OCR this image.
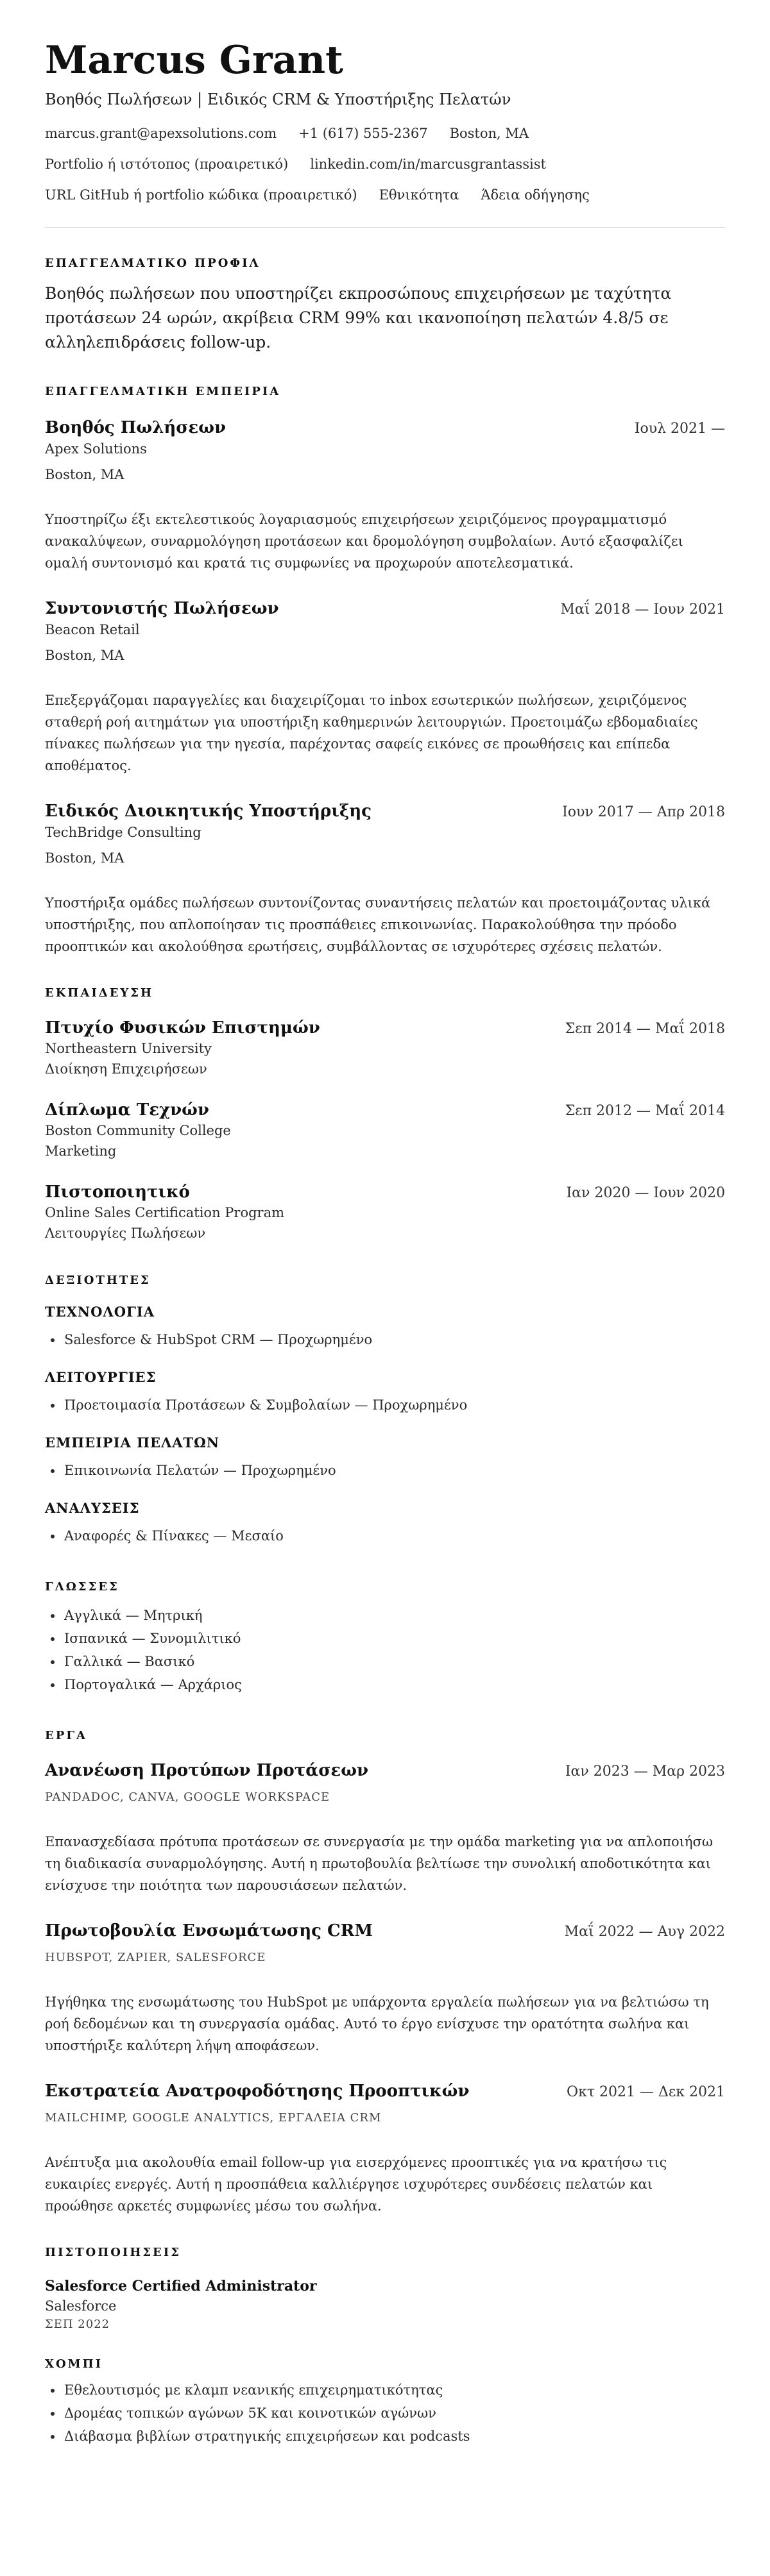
Marcus Grant
Βοηθός Πωλήσεων | Ειδικός CRM & Υποστήριξης Πελατών
marcus.grant@apexsolutions.com +1 (617) 555-2367 Boston, MA
Portfolio ή ιστότοπος (προαιρετικό) linkedin.com/in/marcusgrantassist
URL GitHub ή portfolio κώδικα (προαιρετικό) Εθνικότητα Άδεια οδήγησης
ΕΠΑΓΓΕΛΜΑΤΙΚΟ ΠΡΟΦΙΛ
Βοηθός πωλήσεων που υποστηρίζει εκπροσώπους επιχειρήσεων με ταχύτητα προτάσεων 24 ωρών, ακρίβεια CRM 99% και ικανοποίηση πελατών 4.8/5 σε αλληλεπιδράσεις follow-up.
ΕΠΑΓΓΕΛΜΑΤΙΚΗ ΕΜΠΕΙΡΙΑ
Βοηθός Πωλήσεων	Ιουλ 2021 —
Apex Solutions
Boston, MA
Υποστηρίζω έξι εκτελεστικούς λογαριασμούς επιχειρήσεων χειριζόμενος προγραμματισμό ανακαλύψεων, συναρμολόγηση προτάσεων και δρομολόγηση συμβολαίων. Αυτό εξασφαλίζει ομαλή συντονισμό και κρατά τις συμφωνίες να προχωρούν αποτελεσματικά.
Συντονιστής Πωλήσεων	Μαΐ 2018 — Ιουν 2021
Beacon Retail
Boston, MA
Επεξεργάζομαι παραγγελίες και διαχειρίζομαι το inbox εσωτερικών πωλήσεων, χειριζόμενος σταθερή ροή αιτημάτων για υποστήριξη καθημερινών λειτουργιών. Προετοιμάζω εβδομαδιαίες πίνακες πωλήσεων για την ηγεσία, παρέχοντας σαφείς εικόνες σε προωθήσεις και επίπεδα αποθέματος.
Ειδικός Διοικητικής Υποστήριξης	Ιουν 2017 — Απρ 2018
TechBridge Consulting
Boston, MA
Υποστήριξα ομάδες πωλήσεων συντονίζοντας συναντήσεις πελατών και προετοιμάζοντας υλικά υποστήριξης, που απλοποίησαν τις προσπάθειες επικοινωνίας. Παρακολούθησα την πρόοδο προοπτικών και ακολούθησα ερωτήσεις, συμβάλλοντας σε ισχυρότερες σχέσεις πελατών.
ΕΚΠΑΙΔΕΥΣΗ
Πτυχίο Φυσικών Επιστημών	Σεπ 2014 — Μαΐ 2018
Northeastern University
Διοίκηση Επιχειρήσεων
Δίπλωμα Τεχνών	Σεπ 2012 — Μαΐ 2014
Boston Community College
Marketing
Πιστοποιητικό	Ιαν 2020 — Ιουν 2020
Online Sales Certification Program
Λειτουργίες Πωλήσεων
ΔΕΞΙΟΤΗΤΕΣ
ΤΕΧΝΟΛΟΓΙΑ
• Salesforce & HubSpot CRM — Προχωρημένο
ΛΕΙΤΟΥΡΓΙΕΣ
• Προετοιμασία Προτάσεων & Συμβολαίων — Προχωρημένο
ΕΜΠΕΙΡΙΑ ΠΕΛΑΤΩΝ
• Επικοινωνία Πελατών — Προχωρημένο
ΑΝΑΛΥΣΕΙΣ
• Αναφορές & Πίνακες — Μεσαίο
ΓΛΩΣΣΕΣ
• Αγγλικά — Μητρική
• Ισπανικά — Συνομιλιτικό
• Γαλλικά — Βασικό
• Πορτογαλικά — Αρχάριος
ΕΡΓΑ
Ανανέωση Προτύπων Προτάσεων	Ιαν 2023 — Μαρ 2023
PANDADOC, CANVA, GOOGLE WORKSPACE
Επανασχεδίασα πρότυπα προτάσεων σε συνεργασία με την ομάδα marketing για να απλοποιήσω τη διαδικασία συναρμολόγησης. Αυτή η πρωτοβουλία βελτίωσε την συνολική αποδοτικότητα και ενίσχυσε την ποιότητα των παρουσιάσεων πελατών.
Πρωτοβουλία Ενσωμάτωσης CRM	Μαΐ 2022 — Αυγ 2022
HUBSPOT, ZAPIER, SALESFORCE
Ηγήθηκα της ενσωμάτωσης του HubSpot με υπάρχοντα εργαλεία πωλήσεων για να βελτιώσω τη ροή δεδομένων και τη συνεργασία ομάδας. Αυτό το έργο ενίσχυσε την ορατότητα σωλήνα και υποστήριξε καλύτερη λήψη αποφάσεων.
Εκστρατεία Ανατροφοδότησης Προοπτικών	Οκτ 2021 — Δεκ 2021
MAILCHIMP, GOOGLE ANALYTICS, ΕΡΓΑΛΕΙΑ CRM
Ανέπτυξα μια ακολουθία email follow-up για εισερχόμενες προοπτικές για να κρατήσω τις ευκαιρίες ενεργές. Αυτή η προσπάθεια καλλιέργησε ισχυρότερες συνδέσεις πελατών και προώθησε αρκετές συμφωνίες μέσω του σωλήνα.
ΠΙΣΤΟΠΟΙΗΣΕΙΣ
Salesforce Certified Administrator
Salesforce
ΣΕΠ 2022
ΧΟΜΠΙ
• Εθελουτισμός με κλαμπ νεανικής επιχειρηματικότητας
• Δρομέας τοπικών αγώνων 5K και κοινοτικών αγώνων
• Διάβασμα βιβλίων στρατηγικής επιχειρήσεων και podcasts
